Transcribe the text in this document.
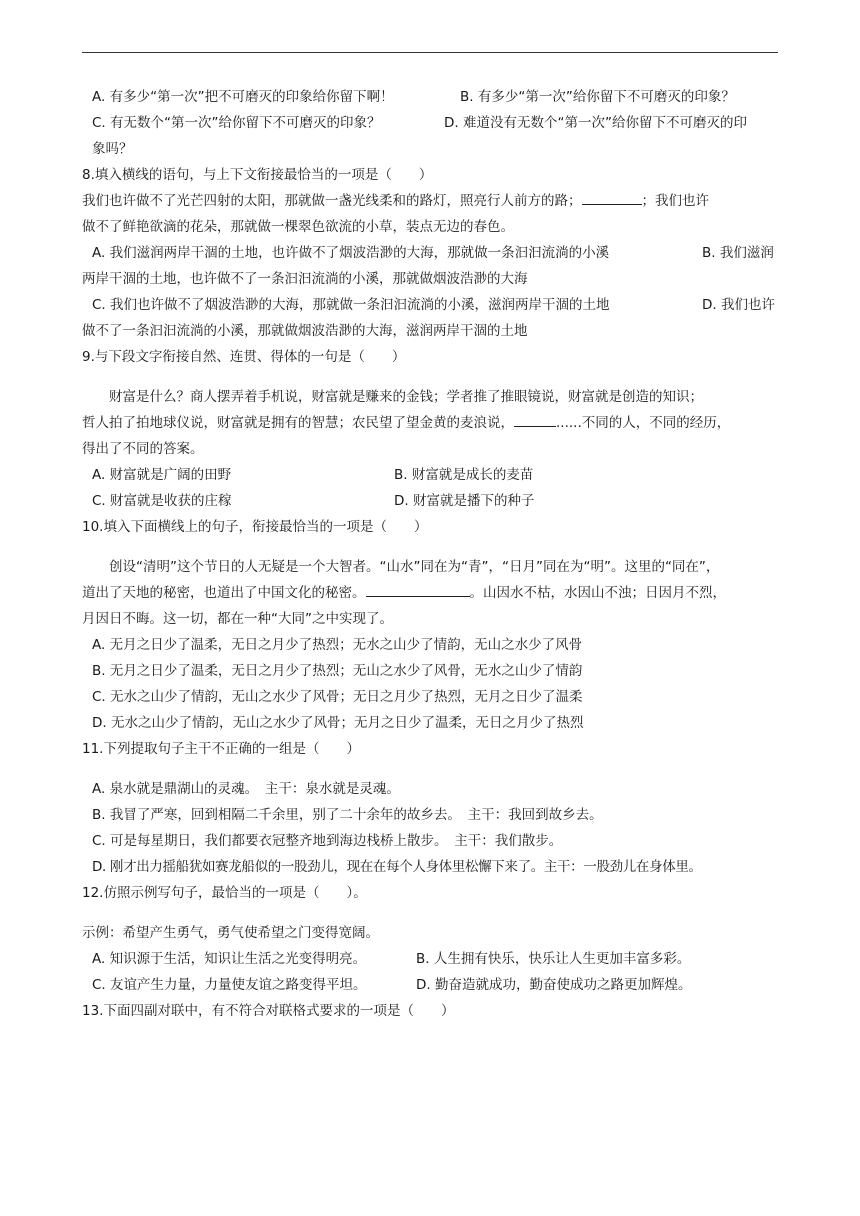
A. 有多少“第一次”把不可磨灭的印象给你留下啊！	B. 有多少“第一次”给你留下不可磨灭的印象？
C. 有无数个“第一次”给你留下不可磨灭的印象？	D. 难道没有无数个“第一次”给你留下不可磨灭的印
象吗？
8.填入横线的语句，与上下文衔接最恰当的一项是（　　）
我们也许做不了光芒四射的太阳，那就做一盏光线柔和的路灯，照亮行人前方的路；	；我们也许
做不了鲜艳欲滴的花朵，那就做一棵翠色欲流的小草，装点无边的春色。
A. 我们滋润两岸干涸的土地，也许做不了烟波浩渺的大海，那就做一条汩汩流淌的小溪	B. 我们滋润
两岸干涸的土地，也许做不了一条汩汩流淌的小溪，那就做烟波浩渺的大海
C. 我们也许做不了烟波浩渺的大海，那就做一条汩汩流淌的小溪，滋润两岸干涸的土地	D. 我们也许
做不了一条汩汩流淌的小溪，那就做烟波浩渺的大海，滋润两岸干涸的土地
9.与下段文字衔接自然、连贯、得体的一句是（　　）
财富是什么？商人摆弄着手机说，财富就是赚来的金钱；学者推了推眼镜说，财富就是创造的知识；
哲人拍了拍地球仪说，财富就是拥有的智慧；农民望了望金黄的麦浪说，	......不同的人，不同的经历，
得出了不同的答案。
A. 财富就是广阔的田野	B. 财富就是成长的麦苗
C. 财富就是收获的庄稼	D. 财富就是播下的种子
10.填入下面横线上的句子，衔接最恰当的一项是（　　）
创设“清明”这个节日的人无疑是一个大智者。“山水”同在为“青”，“日月”同在为“明”。这里的“同在”，
道出了天地的秘密，也道出了中国文化的秘密。	。山因水不枯，水因山不浊；日因月不烈，
月因日不晦。这一切，都在一种“大同”之中实现了。
A. 无月之日少了温柔，无日之月少了热烈；无水之山少了情韵，无山之水少了风骨
B. 无月之日少了温柔，无日之月少了热烈；无山之水少了风骨，无水之山少了情韵
C. 无水之山少了情韵，无山之水少了风骨；无日之月少了热烈，无月之日少了温柔
D. 无水之山少了情韵，无山之水少了风骨；无月之日少了温柔，无日之月少了热烈
11.下列提取句子主干不正确的一组是（　　）
A. 泉水就是鼎湖山的灵魂。　主干：泉水就是灵魂。
B. 我冒了严寒，回到相隔二千余里，别了二十余年的故乡去。　主干：我回到故乡去。
C. 可是每星期日，我们都要衣冠整齐地到海边栈桥上散步。　主干：我们散步。
D. 刚才出力摇船犹如赛龙船似的一股劲儿，现在在每个人身体里松懈下来了。主干：一股劲儿在身体里。
12.仿照示例写句子，最恰当的一项是（　　）。
示例：希望产生勇气，勇气使希望之门变得宽阔。
A. 知识源于生活，知识让生活之光变得明亮。	B. 人生拥有快乐，快乐让人生更加丰富多彩。
C. 友谊产生力量，力量使友谊之路变得平坦。	D. 勤奋造就成功，勤奋使成功之路更加辉煌。
13.下面四副对联中，有不符合对联格式要求的一项是（　　）
